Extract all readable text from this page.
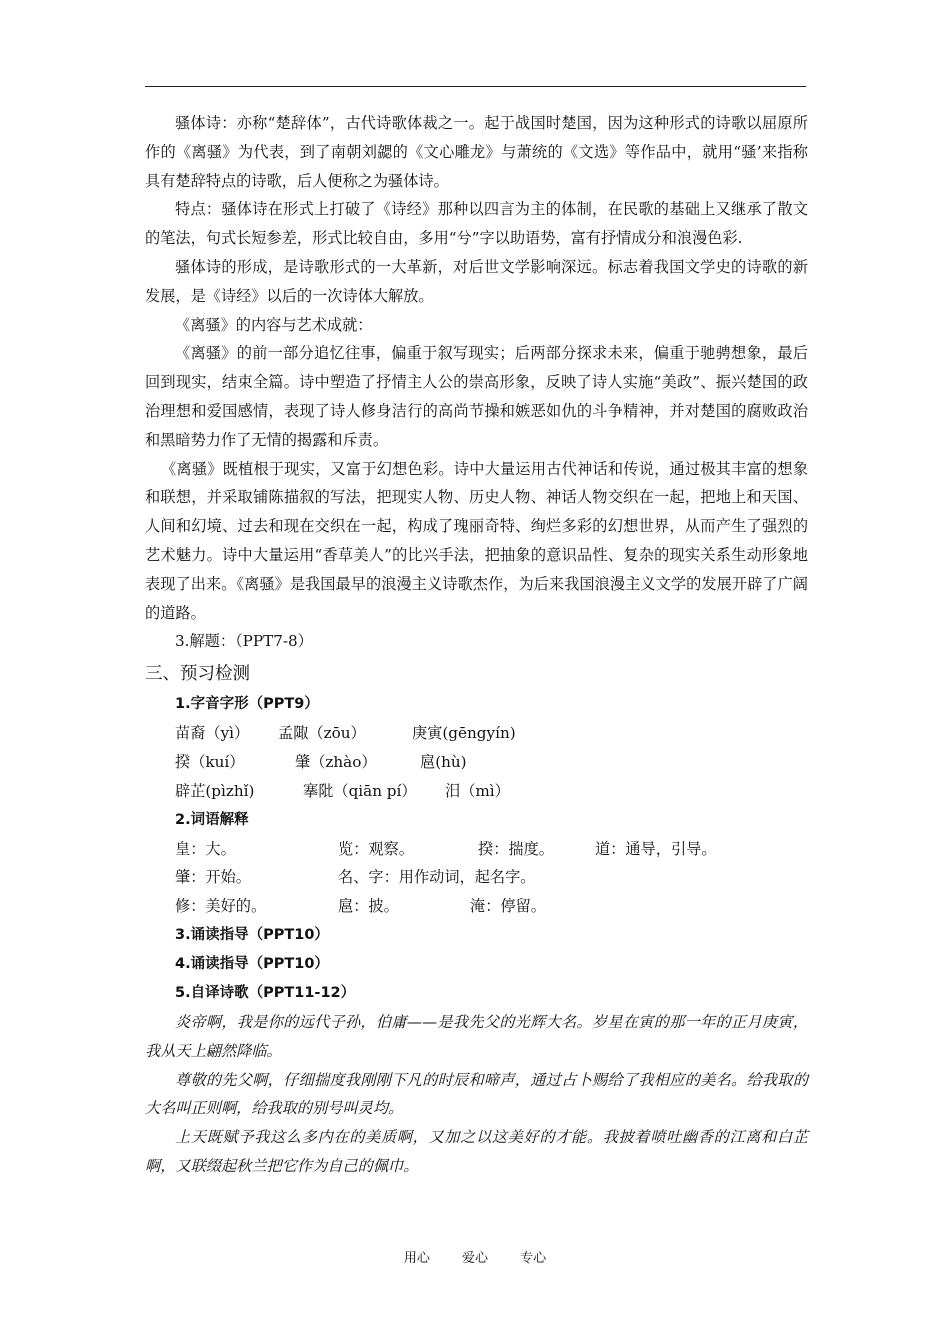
骚体诗：亦称“楚辞体”，古代诗歌体裁之一。起于战国时楚国，因为这种形式的诗歌以屈原所作的《离骚》为代表，到了南朝刘勰的《文心雕龙》与萧统的《文选》等作品中，就用“骚’来指称具有楚辞特点的诗歌，后人便称之为骚体诗。

特点：骚体诗在形式上打破了《诗经》那种以四言为主的体制，在民歌的基础上又继承了散文的笔法，句式长短参差，形式比较自由，多用“兮”字以助语势，富有抒情成分和浪漫色彩.

骚体诗的形成，是诗歌形式的一大革新，对后世文学影响深远。标志着我国文学史的诗歌的新发展，是《诗经》以后的一次诗体大解放。

《离骚》的内容与艺术成就：

《离骚》的前一部分追忆往事，偏重于叙写现实；后两部分探求未来，偏重于驰骋想象，最后回到现实，结束全篇。诗中塑造了抒情主人公的崇高形象，反映了诗人实施“美政”、振兴楚国的政治理想和爱国感情，表现了诗人修身洁行的高尚节操和嫉恶如仇的斗争精神，并对楚国的腐败政治和黑暗势力作了无情的揭露和斥责。

《离骚》既植根于现实，又富于幻想色彩。诗中大量运用古代神话和传说，通过极其丰富的想象和联想，并采取铺陈描叙的写法，把现实人物、历史人物、神话人物交织在一起，把地上和天国、人间和幻境、过去和现在交织在一起，构成了瑰丽奇特、绚烂多彩的幻想世界，从而产生了强烈的艺术魅力。诗中大量运用“香草美人”的比兴手法，把抽象的意识品性、复杂的现实关系生动形象地表现了出来。《离骚》是我国最早的浪漫主义诗歌杰作，为后来我国浪漫主义文学的发展开辟了广阔的道路。

3.解题：（PPT7-8）

三、预习检测
1.字音字形（PPT9）
苗裔（yì） 孟陬（zōu）	庚寅(gēngyín)
揆（kuí）	肇（zhào）	扈(hù)
辟芷(pìzhǐ)	搴阰（qiān pí） 汨（mì）
2.词语解释
皇：大。	览：观察。	揆：揣度。	道：通导，引导。
肇：开始。	名、字：用作动词，起名字。
修：美好的。	扈：披。	淹：停留。
3.诵读指导（PPT10）
4.诵读指导（PPT10）
5.自译诗歌（PPT11-12）

炎帝啊，我是你的远代子孙，伯庸——是我先父的光辉大名。岁星在寅的那一年的正月庚寅，我从天上翩然降临。

尊敬的先父啊，仔细揣度我刚刚下凡的时辰和啼声，通过占卜赐给了我相应的美名。给我取的大名叫正则啊，给我取的别号叫灵均。

上天既赋予我这么多内在的美质啊，又加之以这美好的才能。我披着喷吐幽香的江离和白芷啊，又联缀起秋兰把它作为自己的佩巾。

用心 爱心 专心
